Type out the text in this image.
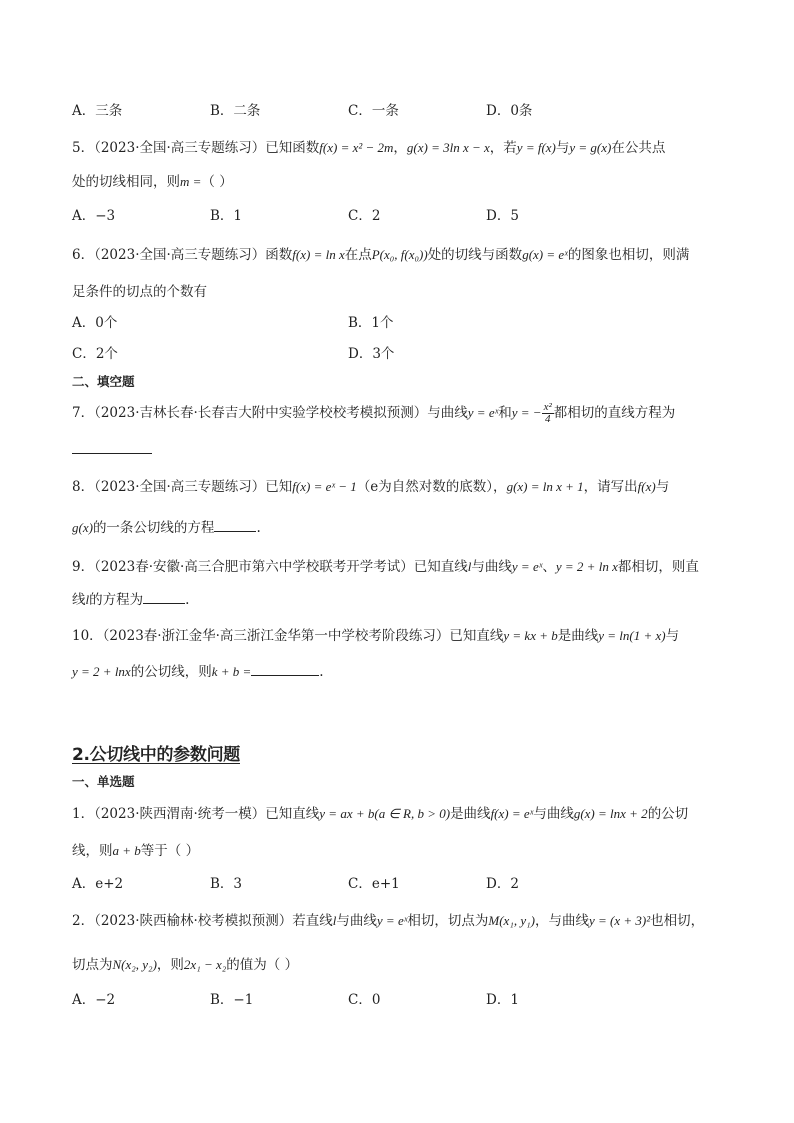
A．三条	B．二条	C．一条	D．0条
5．（2023·全国·高三专题练习）已知函数f(x) = x² − 2m，g(x) = 3ln x − x，若y = f(x)与y = g(x)在公共点
处的切线相同，则m =（ ）
A．−3	B．1	C．2	D．5
6．（2023·全国·高三专题练习）函数f(x) = ln x在点P(x₀, f(x₀))处的切线与函数g(x) = eˣ的图象也相切，则满
足条件的切点的个数有
A．0个	B．1个
C．2个	D．3个
二、填空题
7．（2023·吉林长春·长春吉大附中实验学校校考模拟预测）与曲线y = eˣ和y = − $\frac{\text{x²}}{4}$ 都相切的直线方程为
8．（2023·全国·高三专题练习）已知f(x) = eˣ − 1（e为自然对数的底数），g(x) = ln x + 1，请写出f(x)与
g(x)的一条公切线的方程	.
9．（2023春·安徽·高三合肥市第六中学校联考开学考试）已知直线l与曲线y = eˣ、y = 2 + ln x都相切，则直
线l的方程为	.
10．（2023春·浙江金华·高三浙江金华第一中学校考阶段练习）已知直线y = kx + b是曲线y = ln(1 + x)与
y = 2 + lnx的公切线，则k + b =	.
2.公切线中的参数问题
一、单选题
1．（2023·陕西渭南·统考一模）已知直线y = ax + b(a ∈ R, b > 0)是曲线f(x) = eˣ与曲线g(x) = lnx + 2的公切
线，则a + b等于（ ）
A．e+2	B．3	C．e+1	D．2
2．（2023·陕西榆林·校考模拟预测）若直线l与曲线y = eˣ相切，切点为M(x₁, y₁)，与曲线y = (x + 3)²也相切，
切点为N(x₂, y₂)，则2x₁ − x₂的值为（ ）
A．−2	B．−1	C．0	D．1
